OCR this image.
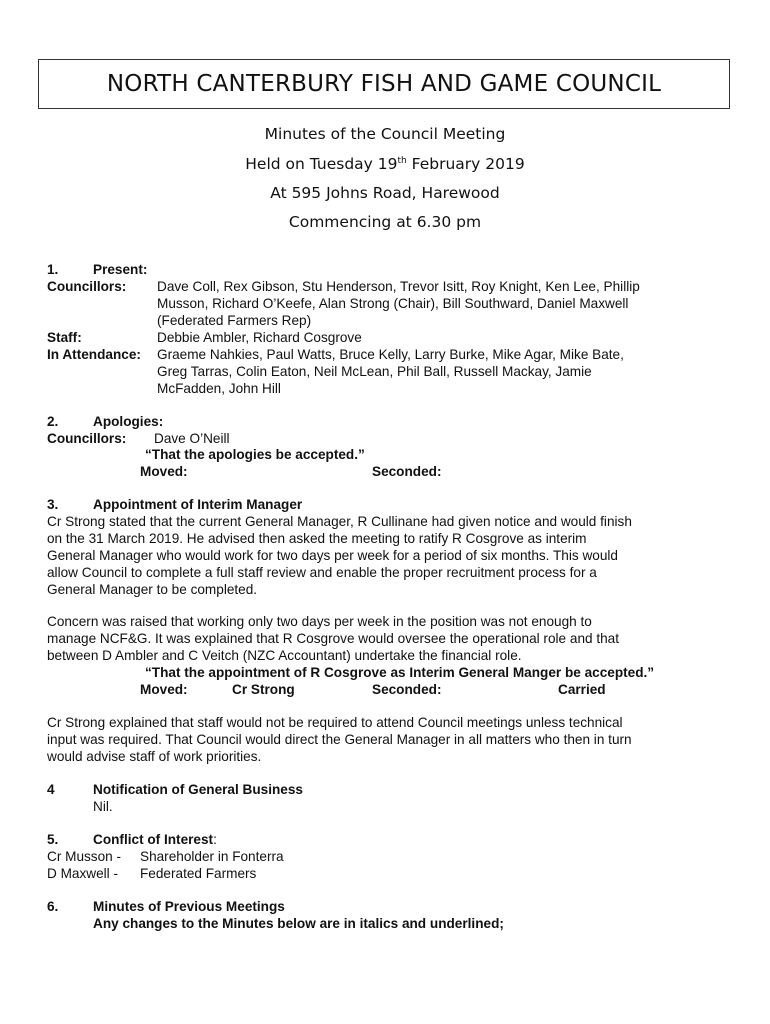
NORTH CANTERBURY FISH AND GAME COUNCIL
Minutes of the Council Meeting
Held on Tuesday 19th February 2019
At 595 Johns Road, Harewood
Commencing at 6.30 pm
1.	Present:
Councillors: Dave Coll, Rex Gibson, Stu Henderson, Trevor Isitt, Roy Knight, Ken Lee, Phillip
Musson, Richard O’Keefe, Alan Strong (Chair), Bill Southward, Daniel Maxwell
(Federated Farmers Rep)
Staff:	Debbie Ambler, Richard Cosgrove
In Attendance: Graeme Nahkies, Paul Watts, Bruce Kelly, Larry Burke, Mike Agar, Mike Bate,
Greg Tarras, Colin Eaton, Neil McLean, Phil Ball, Russell Mackay, Jamie
McFadden, John Hill
2.	Apologies:
Councillors: Dave O’Neill
“That the apologies be accepted.”
Moved:	Seconded:
3.	Appointment of Interim Manager
Cr Strong stated that the current General Manager, R Cullinane had given notice and would finish
on the 31 March 2019. He advised then asked the meeting to ratify R Cosgrove as interim
General Manager who would work for two days per week for a period of six months. This would
allow Council to complete a full staff review and enable the proper recruitment process for a
General Manager to be completed.
Concern was raised that working only two days per week in the position was not enough to
manage NCF&G. It was explained that R Cosgrove would oversee the operational role and that
between D Ambler and C Veitch (NZC Accountant) undertake the financial role.
“That the appointment of R Cosgrove as Interim General Manger be accepted.”
Moved:	Cr Strong	Seconded:	Carried
Cr Strong explained that staff would not be required to attend Council meetings unless technical
input was required. That Council would direct the General Manager in all matters who then in turn
would advise staff of work priorities.
4	Notification of General Business
Nil.
5.	Conflict of Interest:
Cr Musson - Shareholder in Fonterra
D Maxwell - Federated Farmers
6.	Minutes of Previous Meetings
Any changes to the Minutes below are in italics and underlined;
